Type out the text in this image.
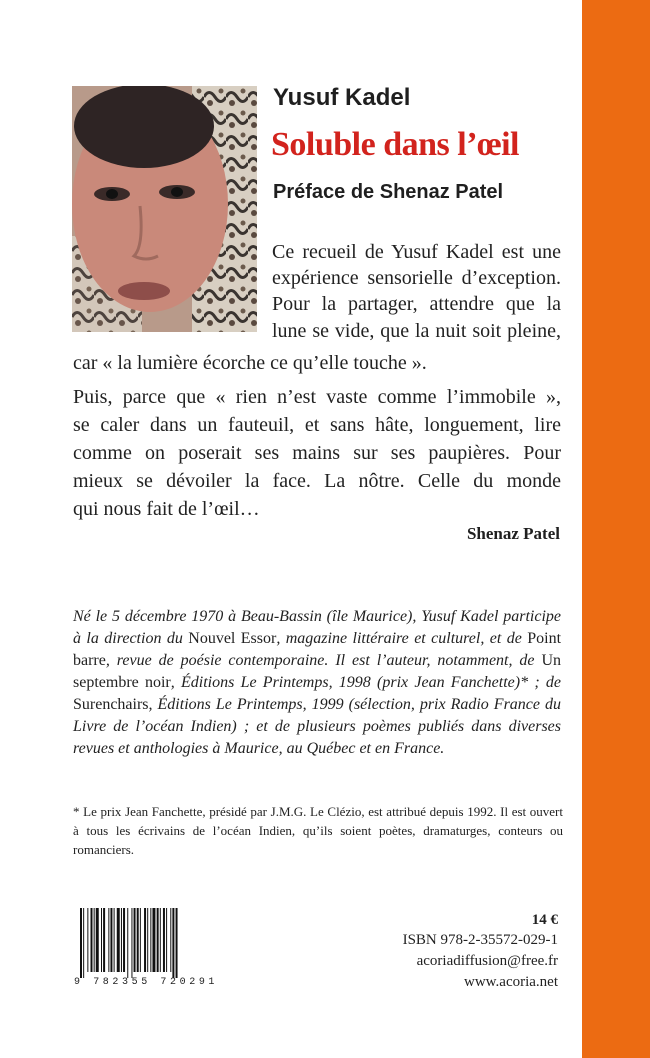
Yusuf Kadel
Soluble dans l’œil
Préface de Shenaz Patel
Ce recueil de Yusuf Kadel est une
expérience sensorielle d’exception.
Pour la partager, attendre que la
lune se vide, que la nuit soit pleine,
car « la lumière écorche ce qu’elle touche ».
Puis, parce que « rien n’est vaste comme l’immobile »,
se caler dans un fauteuil, et sans hâte, longuement, lire
comme on poserait ses mains sur ses paupières. Pour
mieux se dévoiler la face. La nôtre. Celle du monde
qui nous fait de l’œil…
Shenaz Patel
Né le 5 décembre 1970 à Beau-Bassin (île Maurice), Yusuf Kadel participe à la direction du Nouvel Essor, magazine littéraire et culturel, et de Point barre, revue de poésie contemporaine. Il est l’auteur, notamment, de Un septembre noir, Éditions Le Printemps, 1998 (prix Jean Fanchette)* ; de Surenchairs, Éditions Le Printemps, 1999 (sélection, prix Radio France du Livre de l’océan Indien) ; et de plusieurs poèmes publiés dans diverses revues et anthologies à Maurice, au Québec et en France.
* Le prix Jean Fanchette, présidé par J.M.G. Le Clézio, est attribué depuis 1992. Il est ouvert à tous les écrivains de l’océan Indien, qu’ils soient poètes, dramaturges, conteurs ou romanciers.
9 782355 720291
14 €
ISBN 978-2-35572-029-1
acoriadiffusion@free.fr
www.acoria.net
